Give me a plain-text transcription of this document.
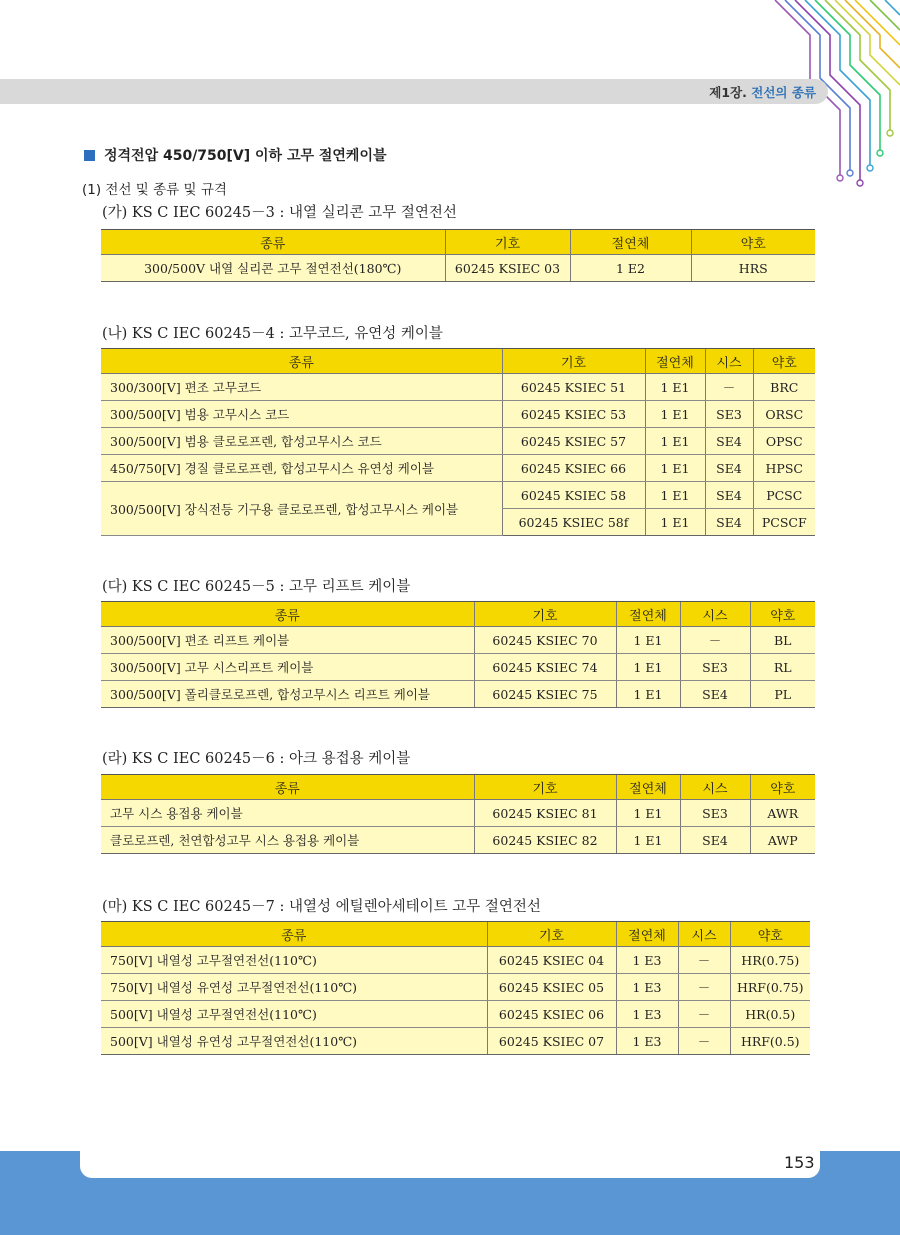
제1장. 전선의 종류
정격전압 450/750[V] 이하 고무 절연케이블
(1) 전선 및 종류 및 규격
(가) KS C IEC 60245－3 : 내열 실리콘 고무 절연전선
종류	기호	절연체	약호
300/500V 내열 실리콘 고무 절연전선(180℃)	60245 KSIEC 03	1 E2	HRS
(나) KS C IEC 60245－4 : 고무코드, 유연성 케이블
종류	기호	절연체	시스	약호
300/300[V] 편조 고무코드	60245 KSIEC 51	1 E1	－	BRC
300/500[V] 범용 고무시스 코드	60245 KSIEC 53	1 E1	SE3	ORSC
300/500[V] 범용 클로로프렌, 합성고무시스 코드	60245 KSIEC 57	1 E1	SE4	OPSC
450/750[V] 경질 클로로프렌, 합성고무시스 유연성 케이블	60245 KSIEC 66	1 E1	SE4	HPSC
300/500[V] 장식전등 기구용 클로로프렌, 합성고무시스 케이블	60245 KSIEC 58	1 E1	SE4	PCSC
	60245 KSIEC 58f	1 E1	SE4	PCSCF
(다) KS C IEC 60245－5 : 고무 리프트 케이블
종류	기호	절연체	시스	약호
300/500[V] 편조 리프트 케이블	60245 KSIEC 70	1 E1	－	BL
300/500[V] 고무 시스리프트 케이블	60245 KSIEC 74	1 E1	SE3	RL
300/500[V] 폴리클로로프렌, 합성고무시스 리프트 케이블	60245 KSIEC 75	1 E1	SE4	PL
(라) KS C IEC 60245－6 : 아크 용접용 케이블
종류	기호	절연체	시스	약호
고무 시스 용접용 케이블	60245 KSIEC 81	1 E1	SE3	AWR
클로로프렌, 천연합성고무 시스 용접용 케이블	60245 KSIEC 82	1 E1	SE4	AWP
(마) KS C IEC 60245－7 : 내열성 에틸렌아세테이트 고무 절연전선
종류	기호	절연체	시스	약호
750[V] 내열성 고무절연전선(110℃)	60245 KSIEC 04	1 E3	－	HR(0.75)
750[V] 내열성 유연성 고무절연전선(110℃)	60245 KSIEC 05	1 E3	－	HRF(0.75)
500[V] 내열성 고무절연전선(110℃)	60245 KSIEC 06	1 E3	－	HR(0.5)
500[V] 내열성 유연성 고무절연전선(110℃)	60245 KSIEC 07	1 E3	－	HRF(0.5)
153
